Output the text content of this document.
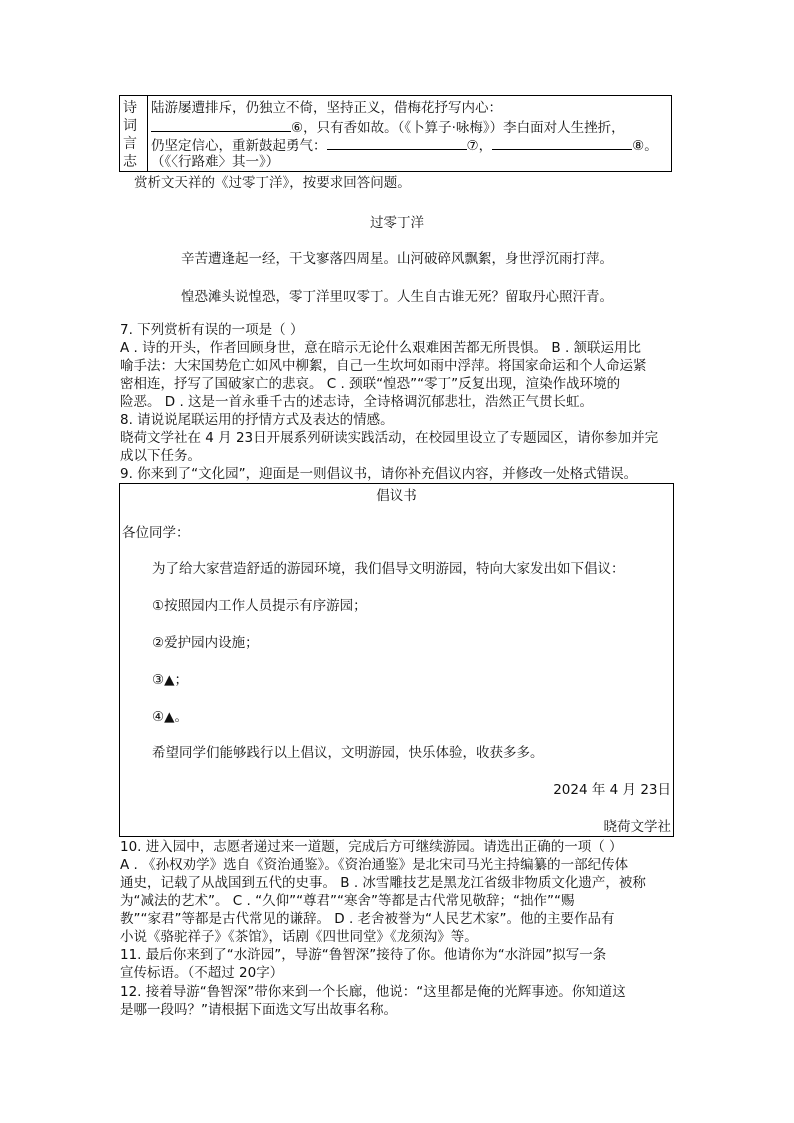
诗
词
言
志
陆游屡遭排斥，仍独立不倚，坚持正义，借梅花抒写内心：
⑥，只有香如故。（《卜算子·咏梅》）李白面对人生挫折，
仍坚定信心，重新鼓起勇气：	⑦，	⑧。
（《〈行路难〉其一》）
赏析文天祥的《过零丁洋》，按要求回答问题。
过零丁洋
辛苦遭逢起一经，干戈寥落四周星。山河破碎风飘絮，身世浮沉雨打萍。
惶恐滩头说惶恐，零丁洋里叹零丁。人生自古谁无死？留取丹心照汗青。
7. 下列赏析有误的一项是（ ）
A . 诗的开头，作者回顾身世，意在暗示无论什么艰难困苦都无所畏惧。 B . 颔联运用比
喻手法：大宋国势危亡如风中柳絮，自己一生坎坷如雨中浮萍。将国家命运和个人命运紧
密相连，抒写了国破家亡的悲哀。 C . 颈联“惶恐”“零丁”反复出现，渲染作战环境的
险恶。 D . 这是一首永垂千古的述志诗，全诗格调沉郁悲壮，浩然正气贯长虹。
8. 请说说尾联运用的抒情方式及表达的情感。
晓荷文学社在 4 月 23日开展系列研读实践活动，在校园里设立了专题园区，请你参加并完
成以下任务。
9. 你来到了“文化园”，迎面是一则倡议书，请你补充倡议内容，并修改一处格式错误。
倡议书
各位同学：
为了给大家营造舒适的游园环境，我们倡导文明游园，特向大家发出如下倡议：
①按照园内工作人员提示有序游园；
②爱护园内设施；
③▲；
④▲。
希望同学们能够践行以上倡议，文明游园，快乐体验，收获多多。
2024 年 4 月 23日
晓荷文学社
10. 进入园中，志愿者递过来一道题，完成后方可继续游园。请选出正确的一项（ ）
A . 《孙权劝学》选自《资治通鉴》。《资治通鉴》是北宋司马光主持编纂的一部纪传体
通史，记载了从战国到五代的史事。 B . 冰雪雕技艺是黑龙江省级非物质文化遗产，被称
为“减法的艺术”。 C . “久仰”“尊君”“寒舍”等都是古代常见敬辞；“拙作”“赐
教”“家君”等都是古代常见的谦辞。 D . 老舍被誉为“人民艺术家”。他的主要作品有
小说《骆驼祥子》《茶馆》，话剧《四世同堂》《龙须沟》等。
11. 最后你来到了“水浒园”，导游“鲁智深”接待了你。他请你为“水浒园”拟写一条
宣传标语。（不超过 20字）
12. 接着导游“鲁智深”带你来到一个长廊，他说：“这里都是俺的光辉事迹。你知道这
是哪一段吗？”请根据下面选文写出故事名称。
